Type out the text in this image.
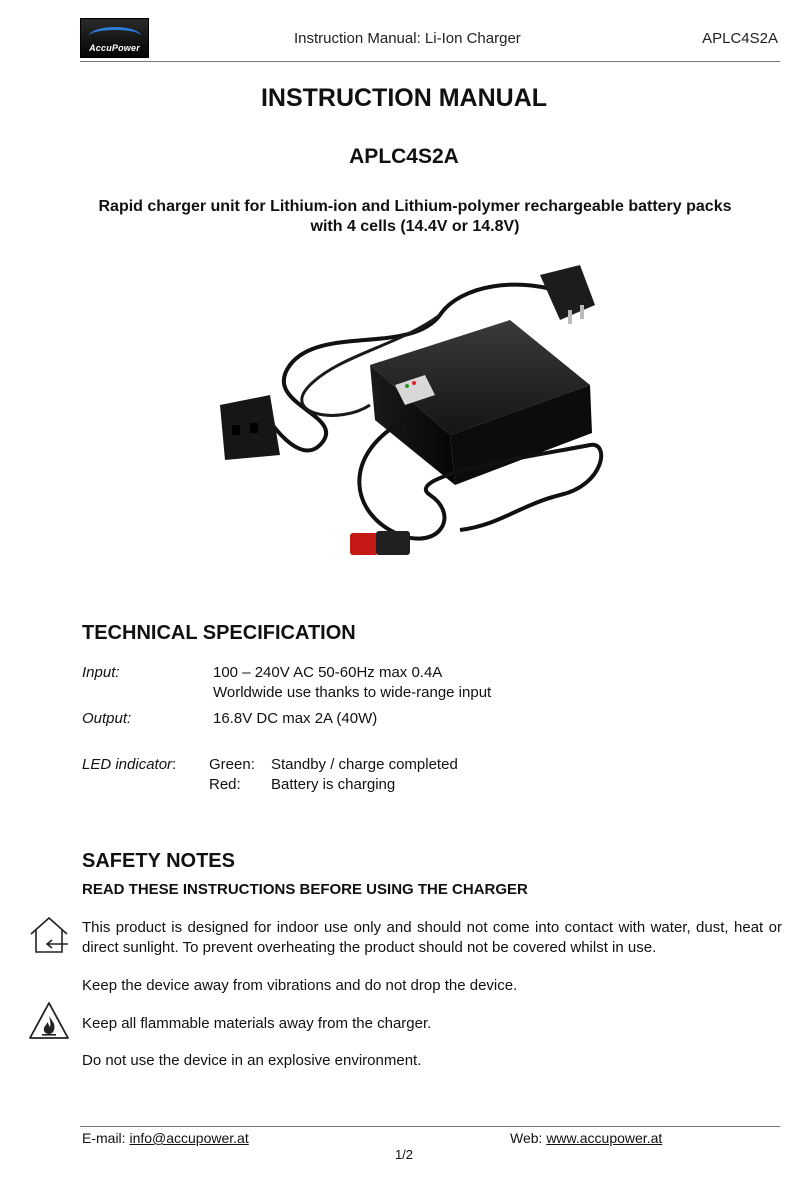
AccuPower
Instruction Manual: Li-Ion Charger	APLC4S2A
INSTRUCTION MANUAL
APLC4S2A
Rapid charger unit for Lithium-ion and Lithium-polymer rechargeable battery packs with 4 cells (14.4V or 14.8V)
TECHNICAL SPECIFICATION
Input:	100 – 240V AC 50-60Hz max 0.4A
Worldwide use thanks to wide-range input
Output:	16.8V DC max 2A (40W)
LED indicator: Green: Standby / charge completed
Red: Battery is charging
SAFETY NOTES
READ THESE INSTRUCTIONS BEFORE USING THE CHARGER
This product is designed for indoor use only and should not come into contact with water, dust, heat or direct sunlight. To prevent overheating the product should not be covered whilst in use.
Keep the device away from vibrations and do not drop the device.
Keep all flammable materials away from the charger.
Do not use the device in an explosive environment.
E-mail: info@accupower.at	Web: www.accupower.at
1/2
